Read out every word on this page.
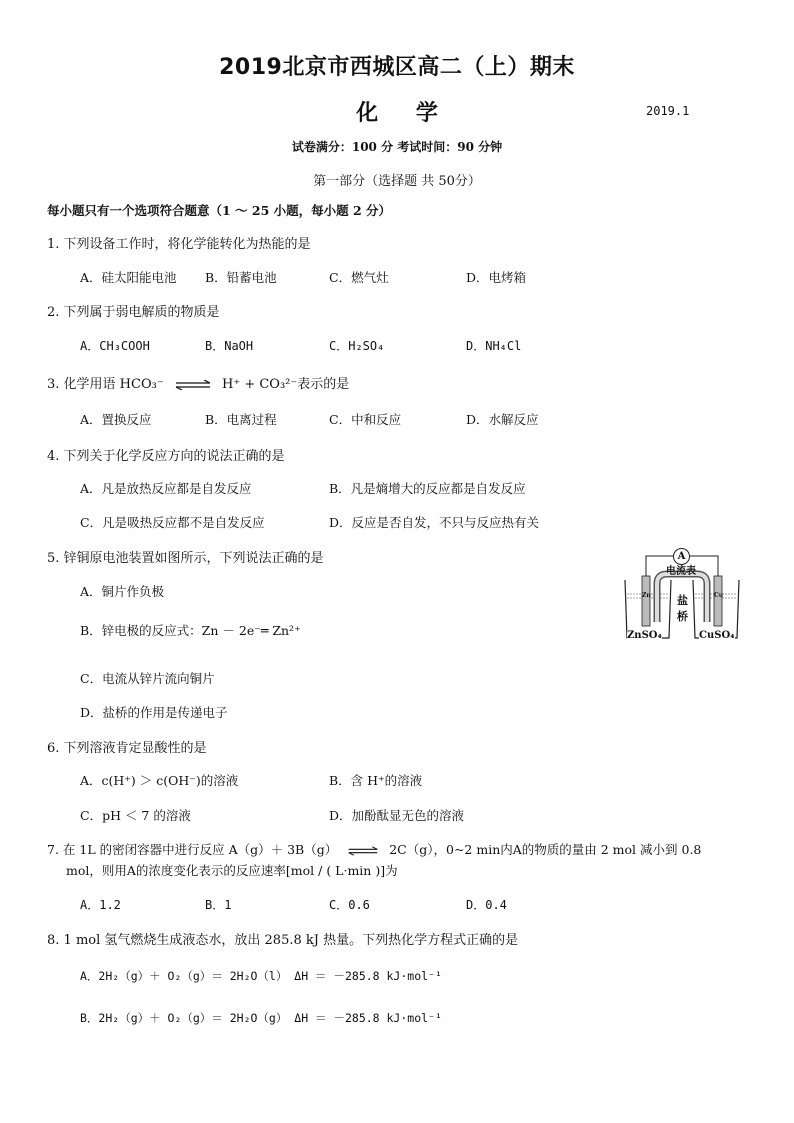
2019北京市西城区高二（上）期末
化 学	2019.1
试卷满分：100 分 考试时间：90 分钟
第一部分（选择题 共 50分）
每小题只有一个选项符合题意（1 ～ 25 小题，每小题 2 分）
1. 下列设备工作时，将化学能转化为热能的是
A．硅太阳能电池 B．铅蓄电池	C．燃气灶	D．电烤箱
2. 下列属于弱电解质的物质是
A．CH₃COOH	B．NaOH	C．H₂SO₄	D．NH₄Cl
3. 化学用语 HCO₃⁻ ⇌ H⁺ + CO₃²⁻表示的是
A．置换反应	B．电离过程	C．中和反应	D．水解反应
4. 下列关于化学反应方向的说法正确的是
A．凡是放热反应都是自发反应	B．凡是熵增大的反应都是自发反应
C．凡是吸热反应都不是自发反应	D．反应是否自发，不只与反应热有关
5. 锌铜原电池装置如图所示，下列说法正确的是
A．铜片作负极
B．锌电极的反应式：Zn － 2e⁻═ Zn²⁺
C．电流从锌片流向铜片
D．盐桥的作用是传递电子
A
电流表
Zn	Cu
盐
桥
ZnSO₄	CuSO₄
6. 下列溶液肯定显酸性的是
A．c(H⁺) ＞ c(OH⁻)的溶液	B．含 H⁺的溶液
C．pH ＜ 7 的溶液	D．加酚酞显无色的溶液
7. 在 1L 的密闭容器中进行反应 A（g）＋ 3B（g） ⇌ 2C（g），0~2 min内A的物质的量由 2 mol 减小到 0.8
mol，则用A的浓度变化表示的反应速率[mol / ( L·min )]为
A．1.2	B．1	C．0.6	D．0.4
8. 1 mol 氢气燃烧生成液态水，放出 285.8 kJ 热量。下列热化学方程式正确的是
A．2H₂（g）＋ O₂（g）＝ 2H₂O（l） ΔH ＝ －285.8 kJ·mol⁻¹
B．2H₂（g）＋ O₂（g）＝ 2H₂O（g） ΔH ＝ －285.8 kJ·mol⁻¹
